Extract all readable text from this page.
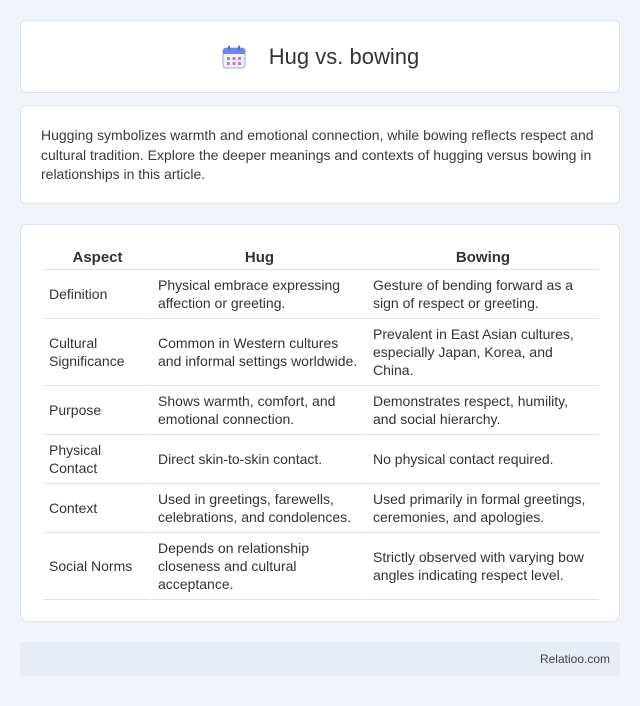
Hug vs. bowing

Hugging symbolizes warmth and emotional connection, while bowing reflects respect and cultural tradition. Explore the deeper meanings and contexts of hugging versus bowing in relationships in this article.

Aspect	Hug	Bowing
Definition	Physical embrace expressing affection or greeting.	Gesture of bending forward as a sign of respect or greeting.
Cultural Significance	Common in Western cultures and informal settings worldwide.	Prevalent in East Asian cultures, especially Japan, Korea, and China.
Purpose	Shows warmth, comfort, and emotional connection.	Demonstrates respect, humility, and social hierarchy.
Physical Contact	Direct skin-to-skin contact.	No physical contact required.
Context	Used in greetings, farewells, celebrations, and condolences.	Used primarily in formal greetings, ceremonies, and apologies.
Social Norms	Depends on relationship closeness and cultural acceptance.	Strictly observed with varying bow angles indicating respect level.
Relatioo.com
